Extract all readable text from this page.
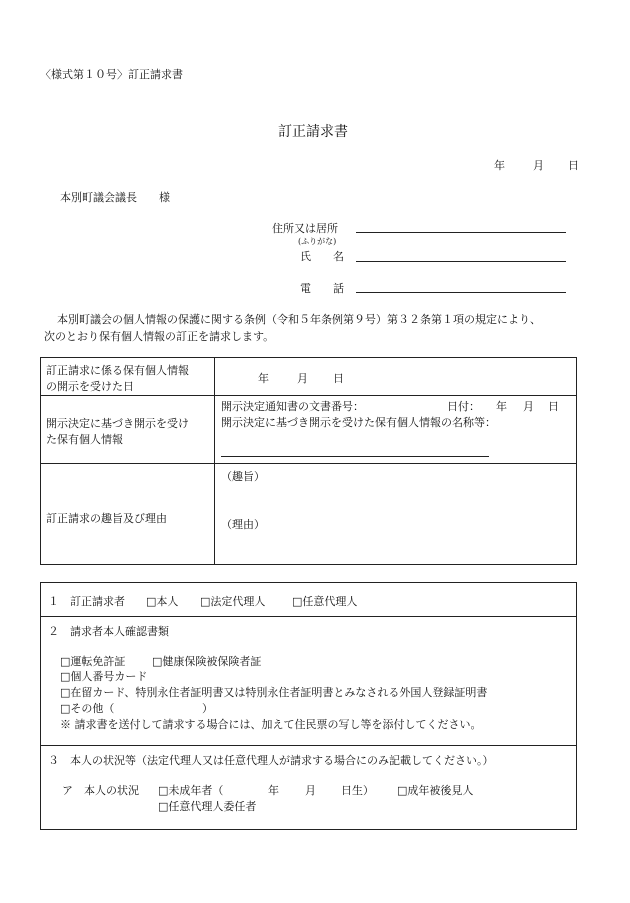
〈様式第１０号〉訂正請求書
訂正請求書
年	月 日
本別町議会議長　　様
住所又は居所
(ふりがな)
氏　　名
電　　話
本別町議会の個人情報の保護に関する条例（令和５年条例第９号）第３２条第１項の規定により、
次のとおり保有個人情報の訂正を請求します。
訂正請求に係る保有個人情報
の開示を受けた日
年	月 日
開示決定に基づき開示を受け
た保有個人情報
開示決定通知書の文書番号：	日付： 年 月 日
開示決定に基づき開示を受けた保有個人情報の名称等：
訂正請求の趣旨及び理由
（趣旨）
（理由）
１　訂正請求者 □本人 □法定代理人 □任意代理人
２　請求者本人確認書類
□運転免許証 □健康保険被保険者証
□個人番号カード
□在留カード、特別永住者証明書又は特別永住者証明書とみなされる外国人登録証明書
□その他（	）
※ 請求書を送付して請求する場合には、加えて住民票の写し等を添付してください。
３　本人の状況等（法定代理人又は任意代理人が請求する場合にのみ記載してください。）
ア　本人の状況 □未成年者（	年 月 日生） □成年被後見人
□任意代理人委任者
